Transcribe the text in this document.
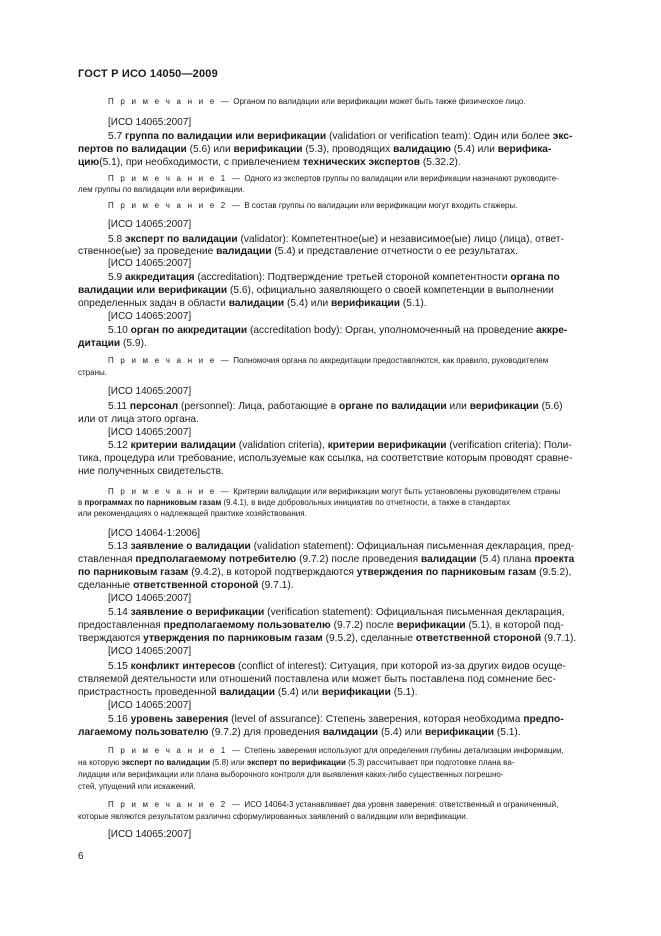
ГОСТ Р ИСО 14050—2009
П р и м е ч а н и е — Органом по валидации или верификации может быть также физическое лицо.
[ИСО 14065:2007]
5.7 группа по валидации или верификации (validation or verification team): Один или более экс-
пертов по валидации (5.6) или верификации (5.3), проводящих валидацию (5.4) или верифика-
цию(5.1), при необходимости, с привлечением технических экспертов (5.32.2).
П р и м е ч а н и е 1 — Одного из экспертов группы по валидации или верификации назначают руководите-
лем группы по валидации или верификации.
П р и м е ч а н и е 2 — В состав группы по валидации или верификации могут входить стажеры.
[ИСО 14065:2007]
5.8 эксперт по валидации (validator): Компетентное(ые) и независимое(ые) лицо (лица), ответ-
ственное(ые) за проведение валидации (5.4) и представление отчетности о ее результатах.
[ИСО 14065:2007]
5.9 аккредитация (accreditation): Подтверждение третьей стороной компетентности органа по
валидации или верификации (5.6), официально заявляющего о своей компетенции в выполнении
определенных задач в области валидации (5.4) или верификации (5.1).
[ИСО 14065:2007]
5.10 орган по аккредитации (accreditation body): Орган, уполномоченный на проведение аккре-
дитации (5.9).
П р и м е ч а н и е — Полномочия органа по аккредитации предоставляются, как правило, руководителем
страны.
[ИСО 14065:2007]
5.11 персонал (personnel): Лица, работающие в органе по валидации или верификации (5.6)
или от лица этого органа.
[ИСО 14065:2007]
5.12 критерии валидации (validation criteria), критерии верификации (verification criteria): Поли-
тика, процедура или требование, используемые как ссылка, на соответствие которым проводят сравне-
ние полученных свидетельств.
П р и м е ч а н и е — Критерии валидации или верификации могут быть установлены руководителем страны
в программах по парниковым газам (9.4.1), в виде добровольных инициатив по отчетности, а также в стандартах
или рекомендациях о надлежащей практике хозяйствования.
[ИСО 14064-1:2006]
5.13 заявление о валидации (validation statement): Официальная письменная декларация, пред-
ставленная предполагаемому потребителю (9.7.2) после проведения валидации (5.4) плана проекта
по парниковым газам (9.4.2), в которой подтверждаются утверждения по парниковым газам (9.5.2),
сделанные ответственной стороной (9.7.1).
[ИСО 14065:2007]
5.14 заявление о верификации (verification statement): Официальная письменная декларация,
предоставленная предполагаемому пользователю (9.7.2) после верификации (5.1), в которой под-
тверждаются утверждения по парниковым газам (9.5.2), сделанные ответственной стороной (9.7.1).
[ИСО 14065:2007]
5.15 конфликт интересов (conflict of interest): Ситуация, при которой из-за других видов осуще-
ствляемой деятельности или отношений поставлена или может быть поставлена под сомнение бес-
пристрастность проведенной валидации (5.4) или верификации (5.1).
[ИСО 14065:2007]
5.16 уровень заверения (level of assurance): Степень заверения, которая необходима предпо-
лагаемому пользователю (9.7.2) для проведения валидации (5.4) или верификации (5.1).
П р и м е ч а н и е 1 — Степень заверения используют для определения глубины детализации информации,
на которую эксперт по валидации (5.8) или эксперт по верификации (5.3) рассчитывает при подготовке плана ва-
лидации или верификации или плана выборочного контроля для выявления каких-либо существенных погрешно-
стей, упущений или искажений.
П р и м е ч а н и е 2 — ИСО 14064-3 устанавливает два уровня заверения: ответственный и ограниченный,
которые являются результатом различно сформулированных заявлений о валидации или верификации.
[ИСО 14065:2007]
6
